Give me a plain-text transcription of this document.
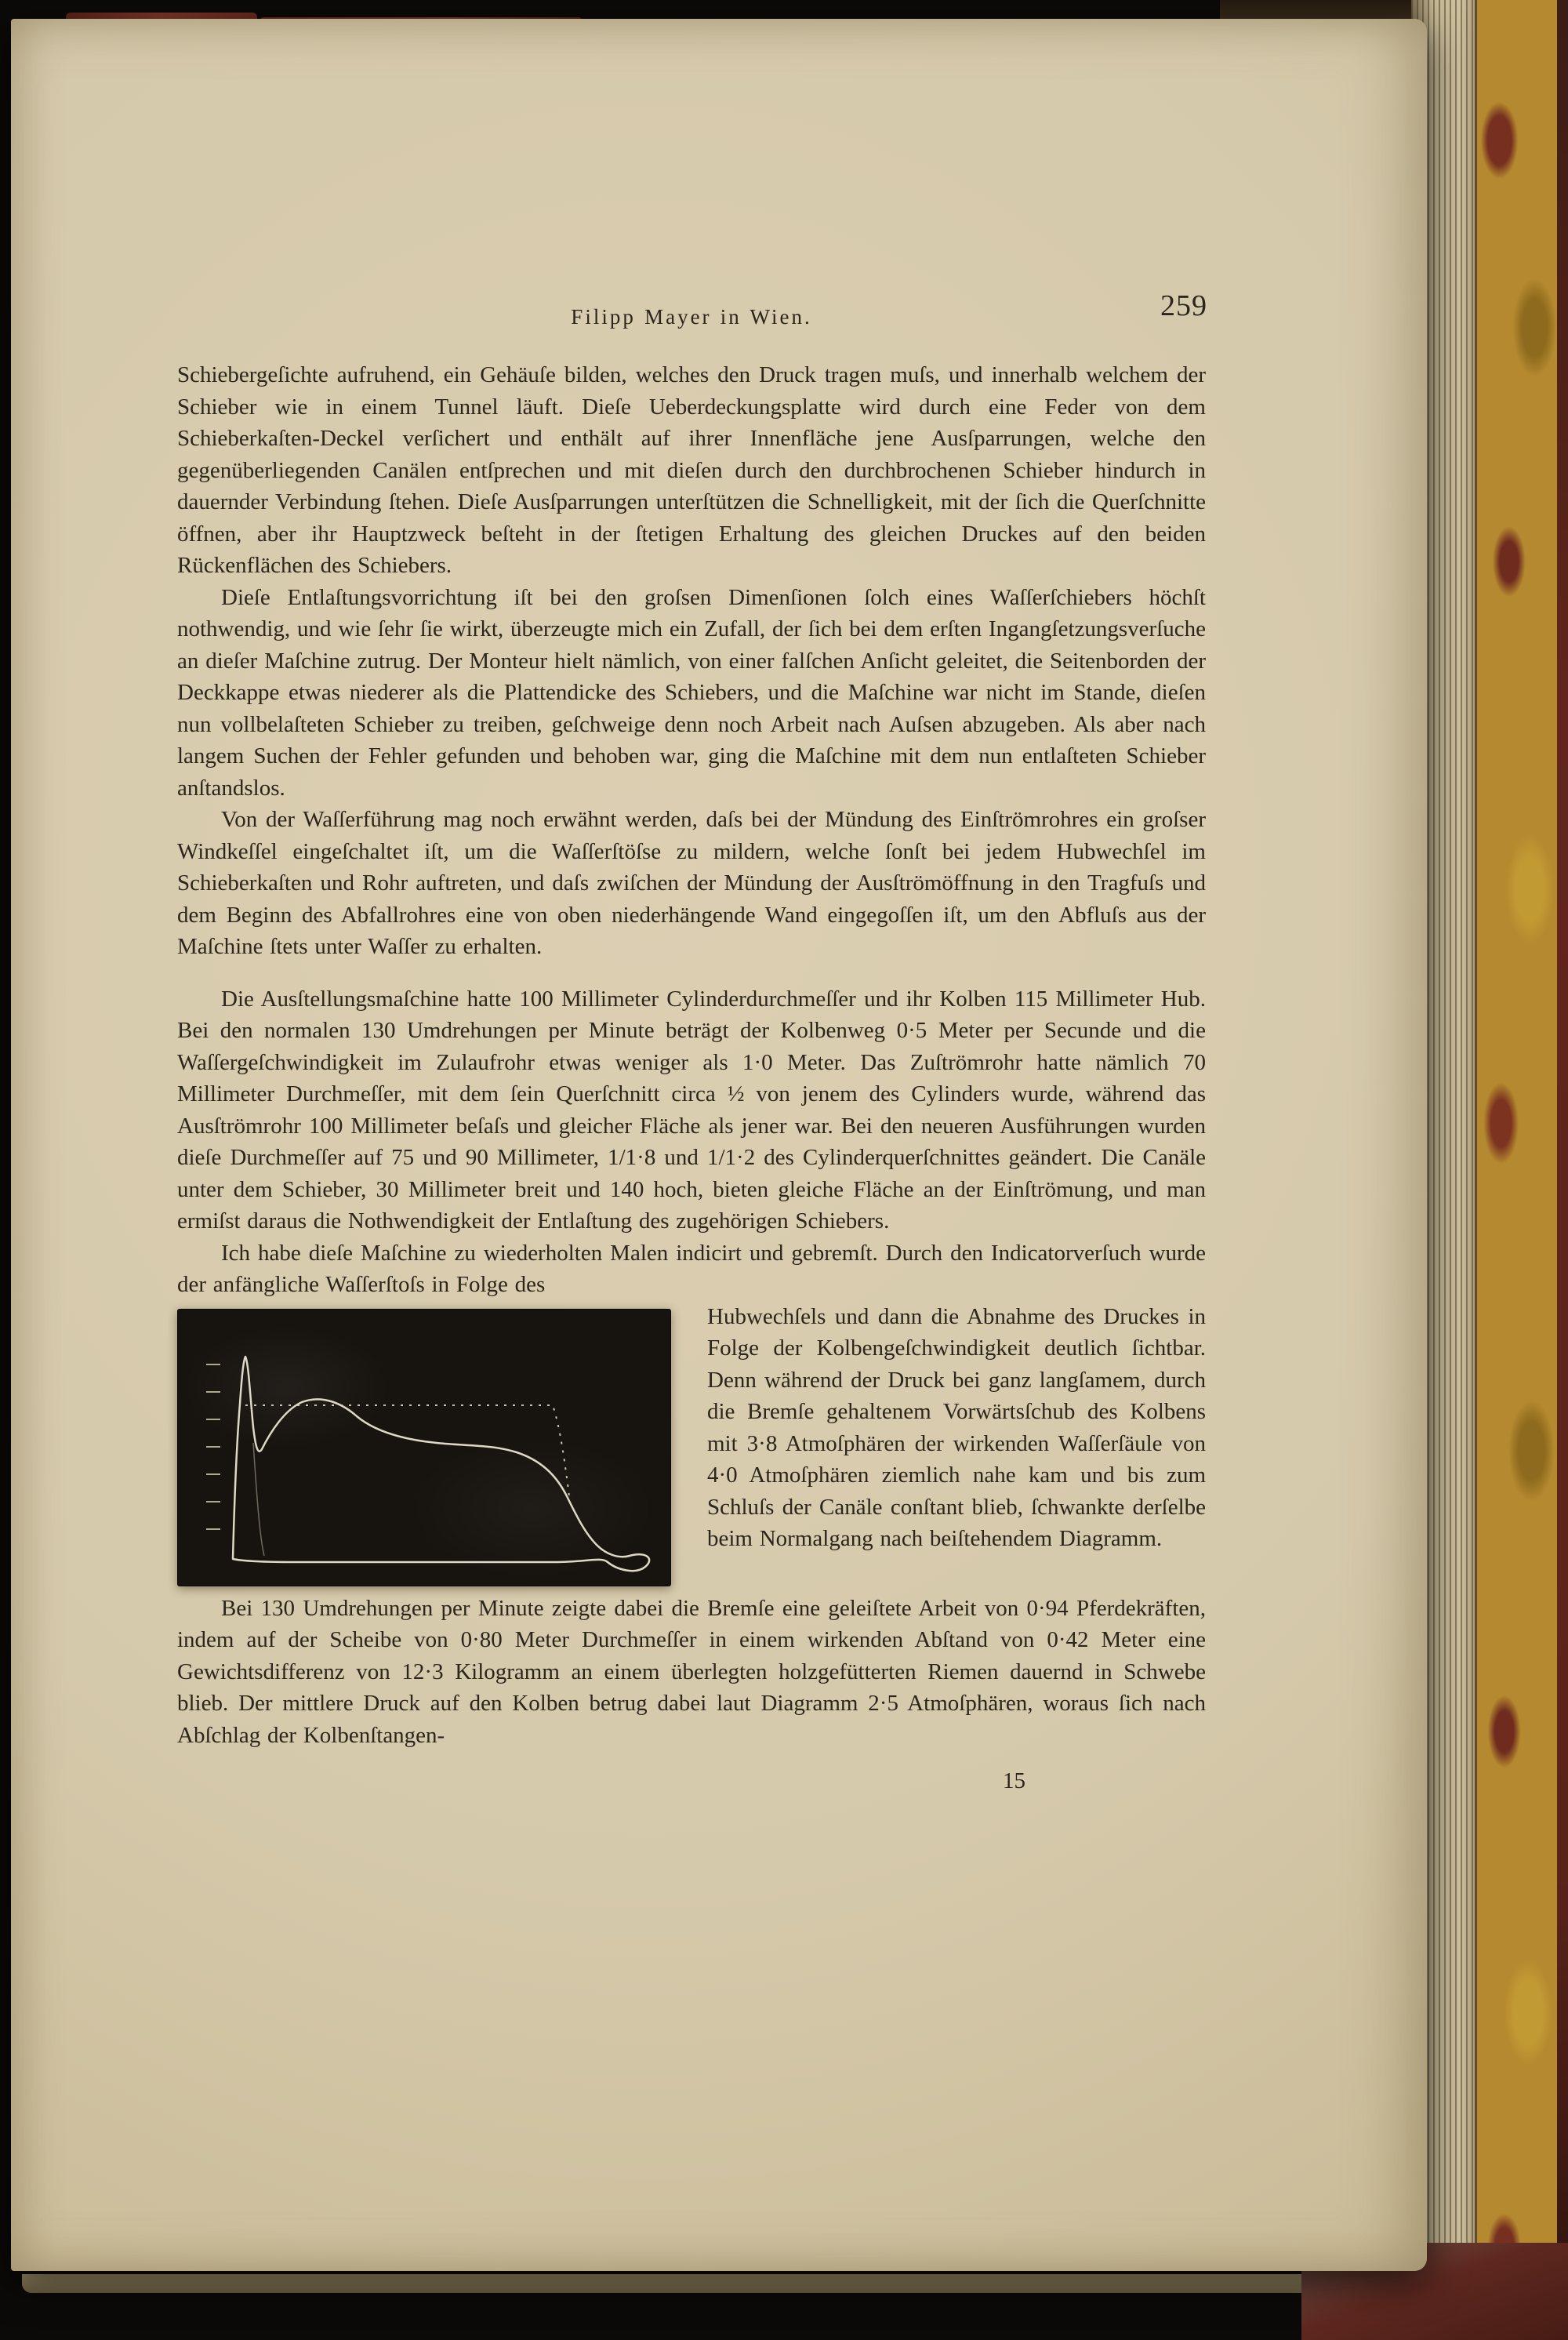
Filipp Mayer in Wien.	259

Schiebergeſichte aufruhend, ein Gehäuſe bilden, welches den Druck tragen muſs, und innerhalb welchem der Schieber wie in einem Tunnel läuft. Dieſe Ueberdeckungsplatte wird durch eine Feder von dem Schieberkaſten-Deckel verſichert und enthält auf ihrer Innenfläche jene Ausſparrungen, welche den gegenüberliegenden Canälen entſprechen und mit dieſen durch den durchbrochenen Schieber hindurch in dauernder Verbindung ſtehen. Dieſe Ausſparrungen unterſtützen die Schnelligkeit, mit der ſich die Querſchnitte öffnen, aber ihr Hauptzweck beſteht in der ſtetigen Erhaltung des gleichen Druckes auf den beiden Rückenflächen des Schiebers.

Dieſe Entlaſtungsvorrichtung iſt bei den groſsen Dimenſionen ſolch eines Waſſerſchiebers höchſt nothwendig, und wie ſehr ſie wirkt, überzeugte mich ein Zufall, der ſich bei dem erſten Ingangſetzungsverſuche an dieſer Maſchine zutrug. Der Monteur hielt nämlich, von einer falſchen Anſicht geleitet, die Seitenborden der Deckkappe etwas niederer als die Plattendicke des Schiebers, und die Maſchine war nicht im Stande, dieſen nun vollbelaſteten Schieber zu treiben, geſchweige denn noch Arbeit nach Auſsen abzugeben. Als aber nach langem Suchen der Fehler gefunden und behoben war, ging die Maſchine mit dem nun entlaſteten Schieber anſtandslos.

Von der Waſſerführung mag noch erwähnt werden, daſs bei der Mündung des Einſtrömrohres ein groſser Windkeſſel eingeſchaltet iſt, um die Waſſerſtöſse zu mildern, welche ſonſt bei jedem Hubwechſel im Schieberkaſten und Rohr auftreten, und daſs zwiſchen der Mündung der Ausſtrömöffnung in den Tragfuſs und dem Beginn des Abfallrohres eine von oben niederhängende Wand eingegoſſen iſt, um den Abfluſs aus der Maſchine ſtets unter Waſſer zu erhalten.

Die Ausſtellungsmaſchine hatte 100 Millimeter Cylinderdurchmeſſer und ihr Kolben 115 Millimeter Hub. Bei den normalen 130 Umdrehungen per Minute beträgt der Kolbenweg 0·5 Meter per Secunde und die Waſſergeſchwindigkeit im Zulaufrohr etwas weniger als 1·0 Meter. Das Zuſtrömrohr hatte nämlich 70 Millimeter Durchmeſſer, mit dem ſein Querſchnitt circa ½ von jenem des Cylinders wurde, während das Ausſtrömrohr 100 Millimeter beſaſs und gleicher Fläche als jener war. Bei den neueren Ausführungen wurden dieſe Durchmeſſer auf 75 und 90 Millimeter, 1/1·8 und 1/1·2 des Cylinderquerſchnittes geändert. Die Canäle unter dem Schieber, 30 Millimeter breit und 140 hoch, bieten gleiche Fläche an der Einſtrömung, und man ermiſst daraus die Nothwendigkeit der Entlaſtung des zugehörigen Schiebers.

Ich habe dieſe Maſchine zu wiederholten Malen indicirt und gebremſt. Durch den Indicatorverſuch wurde der anfängliche Waſſerſtoſs in Folge des

Hubwechſels und dann die Abnahme des Druckes in Folge der Kolbengeſchwindigkeit deutlich ſichtbar. Denn während der Druck bei ganz langſamem, durch die Bremſe gehaltenem Vorwärtsſchub des Kolbens mit 3·8 Atmoſphären der wirkenden Waſſerſäule von 4·0 Atmoſphären ziemlich nahe kam und bis zum Schluſs der Canäle conſtant blieb, ſchwankte derſelbe beim Normalgang nach beiſtehendem Diagramm.

Bei 130 Umdrehungen per Minute zeigte dabei die Bremſe eine geleiſtete Arbeit von 0·94 Pferdekräften, indem auf der Scheibe von 0·80 Meter Durchmeſſer in einem wirkenden Abſtand von 0·42 Meter eine Gewichtsdifferenz von 12·3 Kilogramm an einem überlegten holzgefütterten Riemen dauernd in Schwebe blieb. Der mittlere Druck auf den Kolben betrug dabei laut Diagramm 2·5 Atmoſphären, woraus ſich nach Abſchlag der Kolbenſtangen-

15
